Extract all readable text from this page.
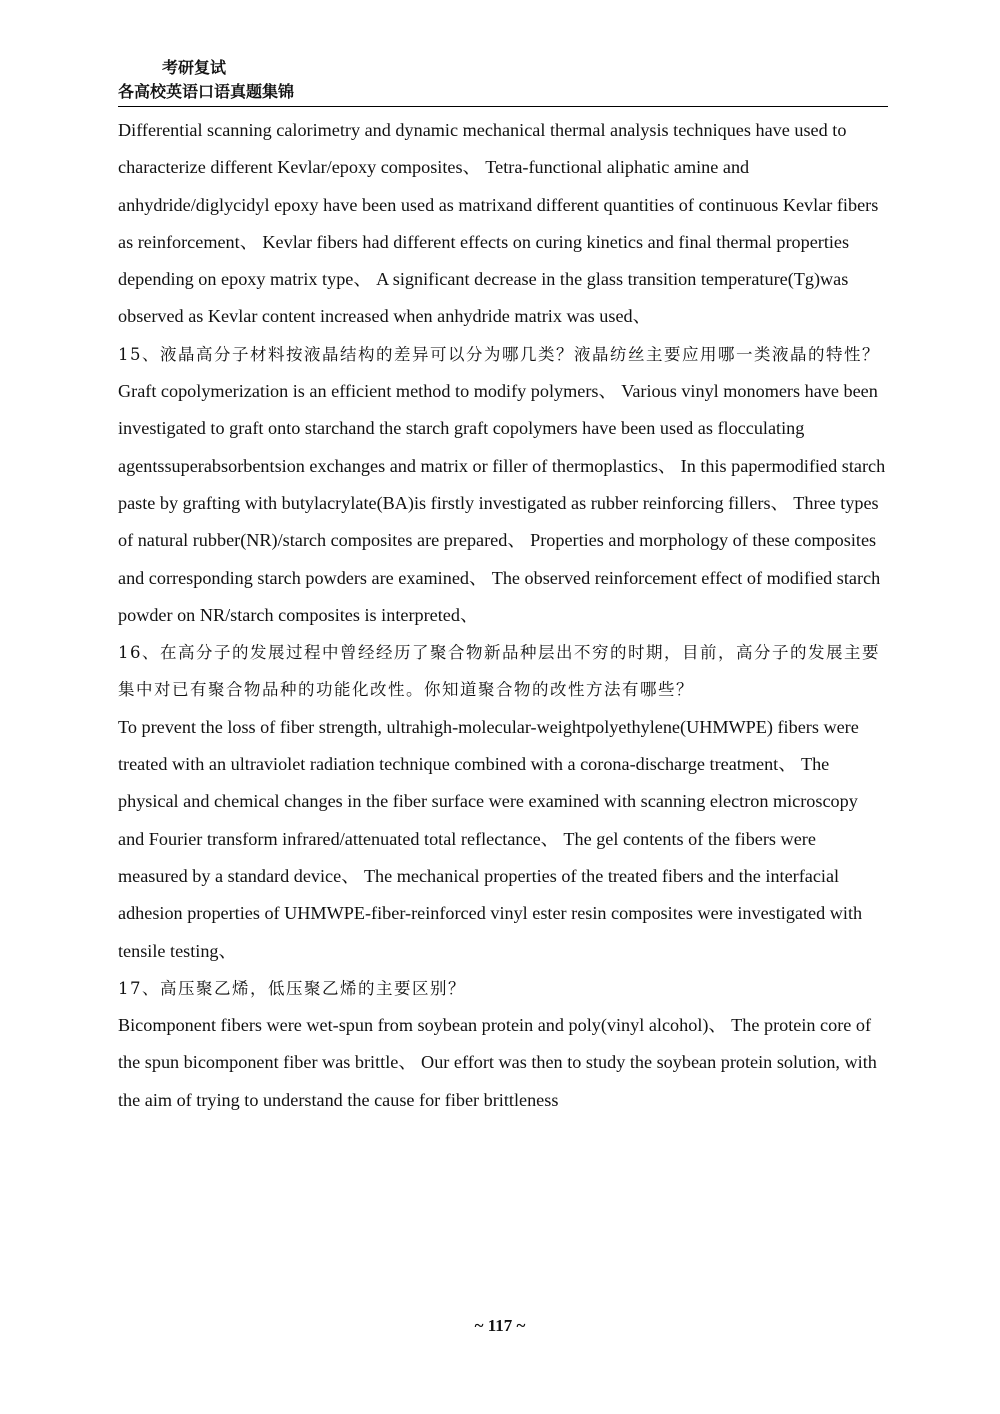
考研复试
各高校英语口语真题集锦

Differential scanning calorimetry and dynamic mechanical thermal analysis techniques have used to characterize different Kevlar/epoxy composites、 Tetra-functional aliphatic amine and anhydride/diglycidyl epoxy have been used as matrixand different quantities of continuous Kevlar fibers as reinforcement、 Kevlar fibers had different effects on curing kinetics and final thermal properties depending on epoxy matrix type、 A significant decrease in the glass transition temperature(Tg)was observed as Kevlar content increased when anhydride matrix was used、

15、液晶高分子材料按液晶结构的差异可以分为哪几类？液晶纺丝主要应用哪一类液晶的特性？

Graft copolymerization is an efficient method to modify polymers、 Various vinyl monomers have been investigated to graft onto starchand the starch graft copolymers have been used as flocculating agentssuperabsorbentsion exchanges and matrix or filler of thermoplastics、 In this papermodified starch paste by grafting with butylacrylate(BA)is firstly investigated as rubber reinforcing fillers、 Three types of natural rubber(NR)/starch composites are prepared、 Properties and morphology of these composites and corresponding starch powders are examined、 The observed reinforcement effect of modified starch powder on NR/starch composites is interpreted、

16、在高分子的发展过程中曾经经历了聚合物新品种层出不穷的时期，目前，高分子的发展主要集中对已有聚合物品种的功能化改性。你知道聚合物的改性方法有哪些？

To prevent the loss of fiber strength, ultrahigh-molecular-weightpolyethylene(UHMWPE) fibers were treated with an ultraviolet radiation technique combined with a corona-discharge treatment、 The physical and chemical changes in the fiber surface were examined with scanning electron microscopy and Fourier transform infrared/attenuated total reflectance、 The gel contents of the fibers were measured by a standard device、 The mechanical properties of the treated fibers and the interfacial adhesion properties of UHMWPE-fiber-reinforced vinyl ester resin composites were investigated with tensile testing、

17、高压聚乙烯，低压聚乙烯的主要区别？

Bicomponent fibers were wet-spun from soybean protein and poly(vinyl alcohol)、 The protein core of the spun bicomponent fiber was brittle、 Our effort was then to study the soybean protein solution, with the aim of trying to understand the cause for fiber brittleness

~ 117 ~
